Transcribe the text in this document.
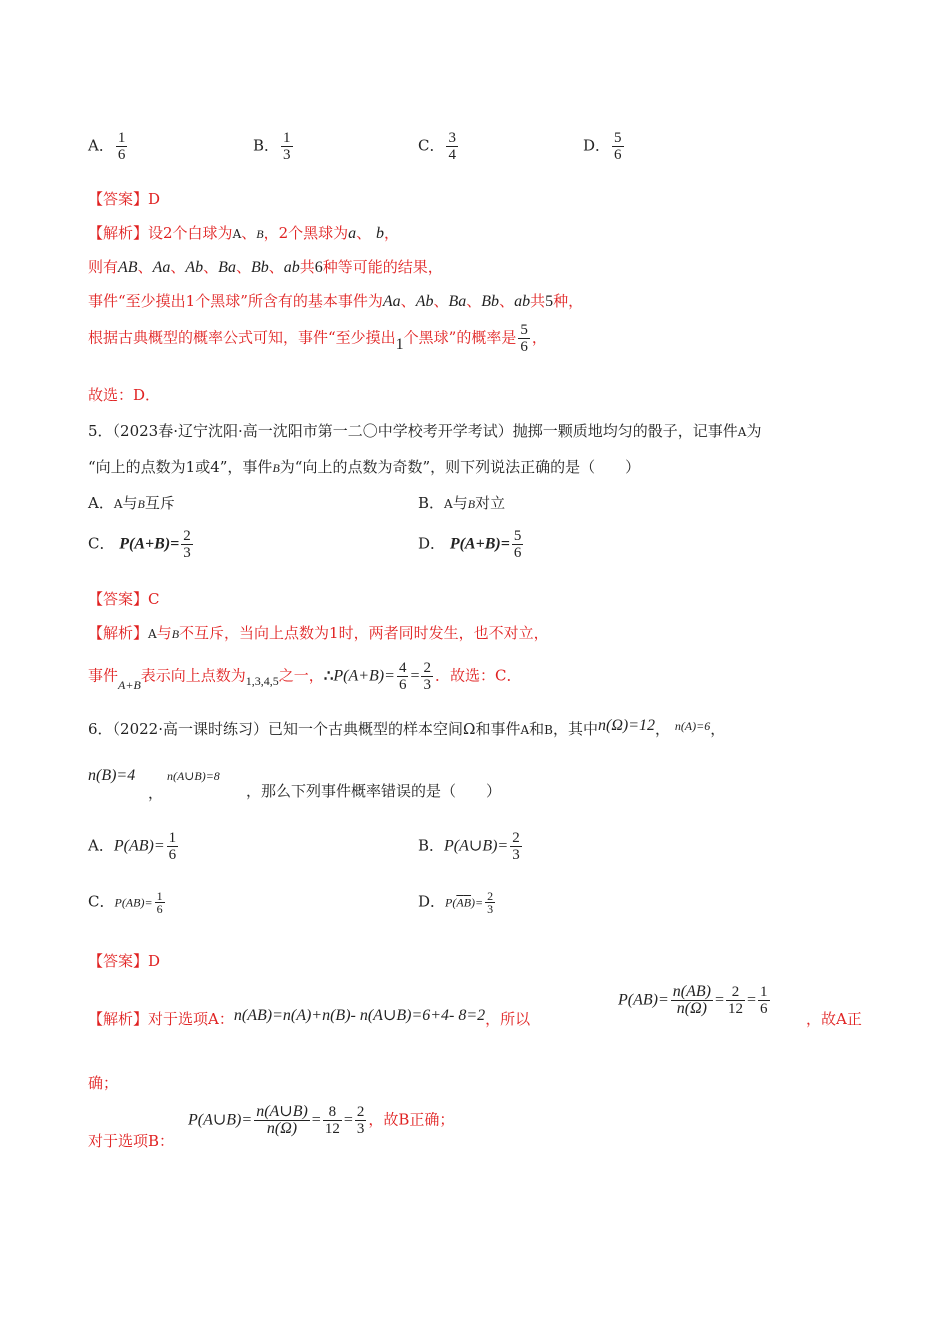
A． $\frac{1}{6}$	B． $\frac{1}{3}$	C． $\frac{3}{4}$	D． $\frac{5}{6}$
【答案】D
【解析】设2个白球为A、B，2个黑球为a、 b，
则有AB、Aa、Ab、Ba、Bb、ab共6种等可能的结果，
事件“至少摸出1个黑球”所含有的基本事件为Aa、Ab、Ba、Bb、ab共5种，
根据古典概型的概率公式可知，事件“至少摸出1个黑球”的概率是 $\frac{5}{6}$ ，
故选：D．
5．（2023春·辽宁沈阳·高一沈阳市第一二〇中学校考开学考试）抛掷一颗质地均匀的骰子，记事件A为
“向上的点数为1或4”，事件B为“向上的点数为奇数”，则下列说法正确的是（　　）
A．A与B互斥	B．A与B对立
C． $P(A+B)= \frac{2}{3}$	D． $P(A+B)= \frac{5}{6}$
【答案】C
【解析】A与B不互斥，当向上点数为1时，两者同时发生，也不对立，
事件$_{A+B}$表示向上点数为$_{1,3,4,5}$之一，∴P(A+B)= $\frac{4}{6} = \frac{2}{3}$ ．故选：C．
6．（2022·高一课时练习）已知一个古典概型的样本空间Ω和事件A和B，其中n(Ω)=12， $^{n(A)=6}$，
n(B)=4
，
n(A∪B)=8
，那么下列事件概率错误的是（　　）
A．$P(AB)= \frac{1}{6}$	B．P(A∪B)= $\frac{2}{3}$
C．$P(AB)= \frac{1}{6}$	D．$P(\overline{A}\overline{B})= \frac{2}{3}$
【答案】D
【解析】对于选项A：n(AB)=n(A)+n(B)- n(A∪B)=6+4- 8=2，所以
$P(AB)= \frac{n(AB)}{n(\Omega)} = \frac{2}{12} = \frac{1}{6}$
，故A正
确；
对于选项B：
P(A∪B)= $\frac{n(A\cup B)}{n(\Omega)} = \frac{8}{12} = \frac{2}{3}$ ，故B正确；
